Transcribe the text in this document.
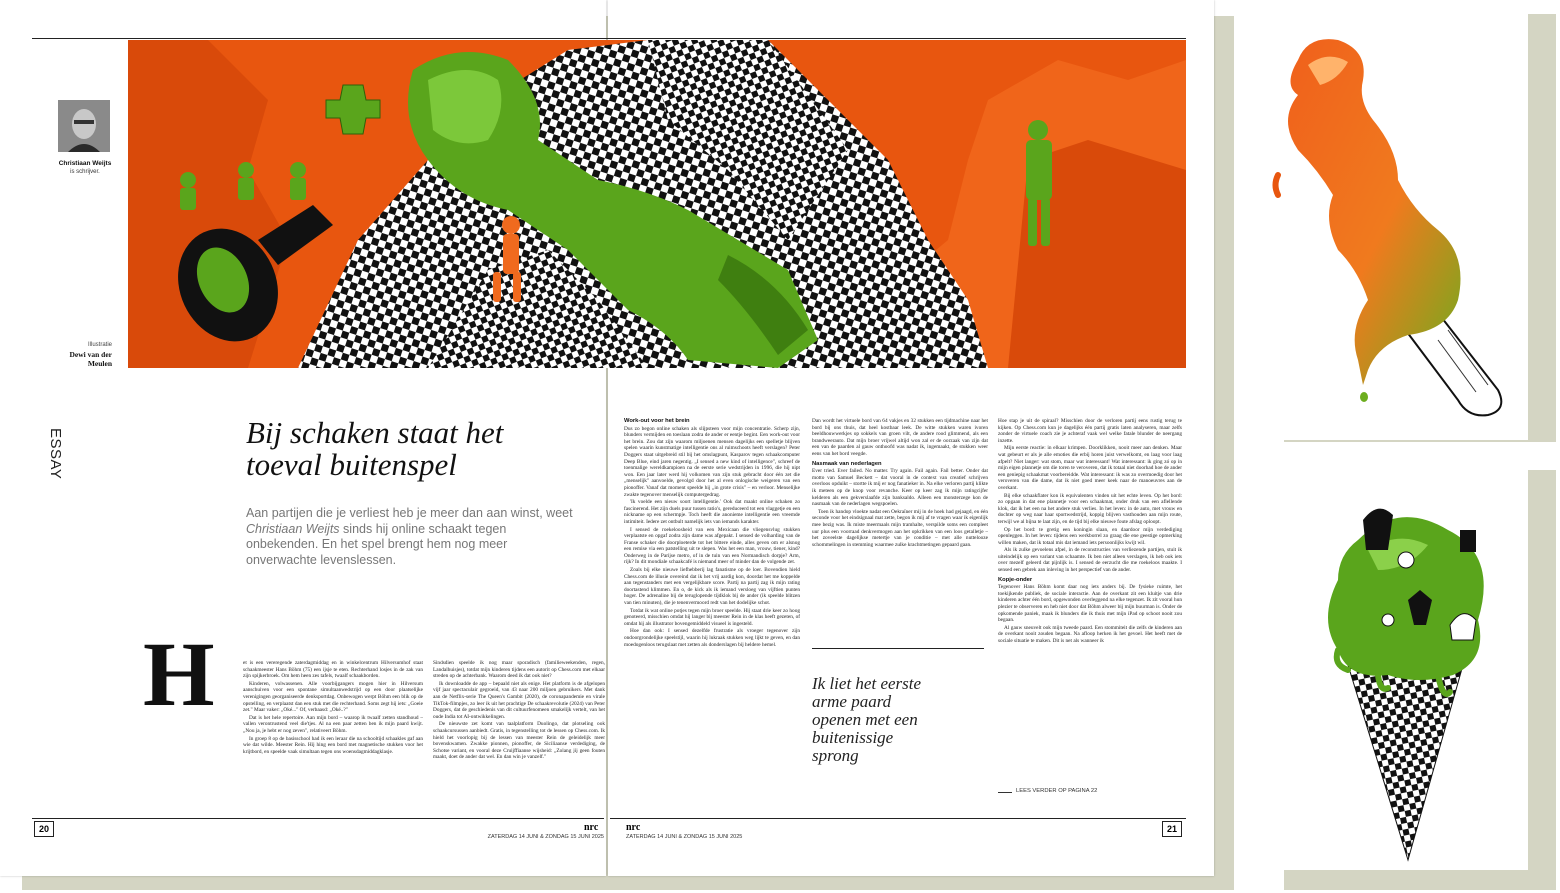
Christiaan Weijts
is schrijver.
Illustratie
Dewi van der Meulen
ESSAY	Bij schaken staat het toeval buitenspel
Aan partijen die je verliest heb je meer dan aan winst, weet Christiaan Weijts sinds hij online schaakt tegen onbekenden. En het spel brengt hem nog meer onverwachte levenslessen.
H	et is een vereregende zaterdagmiddag en in winkelcentrum Hilversumhof staat schaakmeester Hans Böhm (75) een ijsje te eten. Rechterhand losjes in de zak van zijn spijkerbroek. Om hem heen zes tafels, twaalf schaakborden.

Kinderen, volwassenen. Alle voorbijgangers mogen hier in Hilversum aanschuiven voor een spontane simultaanwedstrijd op een door plaatselijke verenigingen georganiseerde denksportdag. Onbewogen werpt Böhm een blik op de opstelling, en verplaatst dan een stuk met die rechterhand. Soms zegt hij iets: „Goeie zet." Maar vaker: „Oké..." Of, verbaasd: „Oké..?"

Dat is het hele repertoire. Aan mijn bord – waarop ik twaalf zetten standhoud – vallen verontrustend veel die'tjes. Al na een paar zetten ben ik mijn paard kwijt. „Nou ja, je hebt er nog zeven", relativeert Böhm.

In groep 8 op de basisschool had ik een leraar die na schooltijd schaakles gaf aan wie dat wilde. Meester Rein. Hij hing een bord met magnetische stukken voor het krijtbord, en speelde vaak simultaan tegen ons woensdagmiddagklasje.

Sindsdien speelde ik nog maar sporadisch (familieweekenden, regen, Landalhuisjes), totdat mijn kinderen tijdens een autorit op Chess.com met elkaar streden op de achterbank. Waarom deed ik dat ook niet?

Ik downloadde de app – bepaald niet als enige. Het platform is de afgelopen vijf jaar spectaculair gegroeid, van 43 naar 200 miljoen gebruikers. Met dank aan de Netflix-serie The Queen's Gambit (2020), de coronapandemie en virale TikTok-filmpjes, zo leer ik uit het prachtige De schaakrevolutie (2024) van Peter Doggers, dat de geschiedenis van dit cultuurfenomeen smakelijk vertelt, van het oude India tot AI-ontwikkelingen.

De nieuwste zet komt van taalplatform Duolingo, dat plotseling ook schaakcursussen aanbiedt. Gratis, in tegenstelling tot de lessen op Chess.com. Ik hield het voorlopig bij de lessen van meester Rein de geleidelijk meer bovenskwamen. Zwakke pionnen, pionoffer, de Siciliaanse verdediging, de Schotse variant, en vooral deze Cruijffiaanse wijsheid: „Zolang jij geen fouten maakt, doet de ander dat wel. En dan win je vanzelf."

Work-out voor het brein

Dus zo begon online schaken als slijpsteen voor mijn concentratie. Scherp zijn, blunders vermijden en toeslaan zodra de ander er eentje begint. Een work-out voor het brein. Zou dat zijn waarom miljoenen mensen dagelijks een spelletje blijven spelen waarin kunstmatige intelligentie ons al ruimschoots heeft verslagen? Peter Doggers staat uitgebreid stil bij het omslagpunt, Kasparov tegen schaakcomputer Deep Blue, eind jaren negentig. „I sensed a new kind of intelligence", schreef de toenmalige wereldkampioen na de eerste serie wedstrijden in 1996, die hij nipt won. Een jaar later werd hij volkomen van zijn stuk gebracht door één zet die „menselijk" aanvoelde, gevolgd door het al even onlogische weigeren van een pionoffer. Vanaf dat moment speelde hij „in grote crisis" – en verloor. Menselijke zwakte tegenover menselijk computergedrag.

'Ik voelde een nieuw soort intelligentie.' Ook dat maakt online schaken zo fascinerend. Het zijn duels puur tussen ratio's, gereduceerd tot een vlaggetje en een nickname op een schermpje. Toch heeft die anonieme intelligentie een vreemde intimiteit. Iedere zet ontbult namelijk iets van iemands karakter.

I sensed de roekeloosheid van een Mexicaan die vliegensvlug stukken verplaatste en opgaf zodra zijn dame was afgepakt. I sensed de volharding van de Franse schaker die doorploeterde tot het bittere einde, alles geven om er alsnog een remise via een patstelling uit te slepen. Was het een man, vrouw, tiener, kind? Onderweg in de Parijse metro, of in de tuin van een Normandisch dorpje? Arm, rijk? In dit mondiale schaakcafé is niemand meer of minder dan de volgende zet.

Zoals bij elke nieuwe liefhebberij lag fanatisme op de loer. Bovendien hield Chess.com de illusie overeind dat ik het vrij aardig kon, doordat het me koppelde aan tegenstanders met een vergelijkbare score. Partij na partij zag ik mijn rating doortastend klimmen. En o, de kick als ik iemand versloeg van vijftien punten hoger. De adrenaline bij de teruglopende tijdklok bij de ander (ik speelde blitzen van tien minuten), die je tenenvermoord redt van het dodelijke schot.

Totdat ik wat online potjes tegen mijn broer speelde. Hij staat drie keer zo hoog genoteerd, misschien omdat hij langer bij meester Rein in de klas heeft gezeten, of omdat hij als illustrator bovengemiddeld visueel is ingesteld.

Hoe dan ook: I sensed dezelfde frustratie als vroeger tegenover zijn ondoorgrondelijke speelstijl, waarin hij lukraak stukken weg lijkt te geven, en dan moedogenloos terugslaat met zetten als donderslagen bij heldere hemel.

Dan wordt het virtuele bord van 64 vakjes en 32 stukken een tijdmachine naar het bord bij ons thuis, dat heel kostbaar leek. De witte stukken waren ivoren beeldhouwwerkjes op sokkels van groen vilt, de andere rood glimmend, als een brandweerauto. Dat mijn broer vrijwel altijd won zal er de oorzaak van zijn dat een van de paarden al gauw onthoofd was nadat ik, ingemaakt, de stukken weer eens van het bord veegde.

Nasmaak van nederlagen

Ever tried. Ever failed. No matter. Try again. Fail again. Fail better. Onder dat motto van Samuel Beckett – dat vooral in de context van creatief schrijven overloos opduikt – stortte ik mij er nog fanatieker in. Na elke verloren partij klikte ik meteen op de knop voor revanche. Keer op keer zag ik mijn ratingcijfer kelderen als een gekverslaafde zijn banksaldo. Alleen een monsterzege kon de nasmaak van de nederlagen wegspoelen.

Toen ik handop vloekte nadat een Oekraïner mij in de hoek had gejaagd, en één seconde voor het eindsignaal mat zette, begon ik mij af te vragen waar ik eigenlijk mee bezig was. Ik miste meermaals mijn tramhalte, verspilde soms een compleet uur plus een voorraad denkvermogen aan het opkrikken van een loos getalletje – het zoveelste dagelijkse metertje van je conditie – met alle nuttelooze schommelingen in stemming waarmee zulke krachtmetingen gepaard gaan.

Ik liet het eerste arme paard openen met een buitenissige sprong

Hoe stap je uit de spiraal? Misschien door de verloren partij eens rustig terug te kijken. Op Chess.com kun je dagelijks één partij gratis laten analyseren, maar zelfs zonder de virtuele coach zie je achteraf vaak wel welke fatale blunder de neergang inzette.

Mijn eerste reactie: in elkaar krimpen. Doorklikken, nooit meer aan denken. Maar wat gebeurt er als je alle emoties die erbij horen juist verwelkomt, en laag voor laag afpelt? Niet langer: wat stom, maar wat interessant! Wat interessant: ik ging zó op in mijn eigen plannetje om die toren te veroveren, dat ik totaal niet doorhad hoe de ander een geniepig schaakmat voorbereidde. Wat interessant: ik was zo overmoedig door het veroveren van die dame, dat ik niet goed meer keek naar de manoeuvres aan de overkant.

Bij elke schaakflater kon ik equivalenten vinden uit het echte leven. Op het bord: zo opgaan in dat ene plannetje voor een schaakmat, onder druk van een aflellende klok, dat ik het een na het andere stuk verlies. In het leven: in de auto, met vrouw en dochter op weg naar haar sportwedstrijd, koppig blijven vasthouden aan mijn route, terwijl we al bijna te laat zijn, en de tijd bij elke nieuwe foute afslag oploopt.

Op het bord: te gretig een koningin slaan, en daardoor mijn verdediging openleggen. In het leven: tijdens een werkborrel zo graag die ene geestige opmerking willen maken, dat ik totaal mis dat iemand iets persoonlijks kwijt wil.

Als ik zulke gevoelens afpel, in de reconstructies van verliezende partijen, stuit ik uiteindelijk op een variant van schaamte. Ik ben niet alleen verslagen, ik heb ook iets over mezelf geleerd dat pijnlijk is. I sensed de eerzucht die me roekeloos maakte. I sensed een gebrek aan inleving in het perspectief van de ander.

Kopje-onder

Tegenover Hans Böhm komt daar nog iets anders bij. De fysieke ruimte, het toekijkende publiek, de sociale interactie. Aan de overkant zit een kluitje van drie kinderen achter één bord, opgewonden overleggend na elke tegenzet. Ik zit vooral hun plezier te observeren en heb niet door dat Böhm alweer bij mijn buurman is. Onder de opkomende paniek, maak ik blunders die ik thuis met mijn iPad op schoot nooit zou begaan.

Al gauw sneuvelt ook mijn tweede paard. Een stommiteit die zelfs de kinderen aan de overkant nooit zouden begaan. Na afloop herken ik het gevoel. Het heeft met de sociale situatie te maken. Dit is net als wanneer ik

LEES VERDER OP PAGINA 22
20	nrc
ZATERDAG 14 JUNI & ZONDAG 15 JUNI 2025
nrc
ZATERDAG 14 JUNI & ZONDAG 15 JUNI 2025
21
